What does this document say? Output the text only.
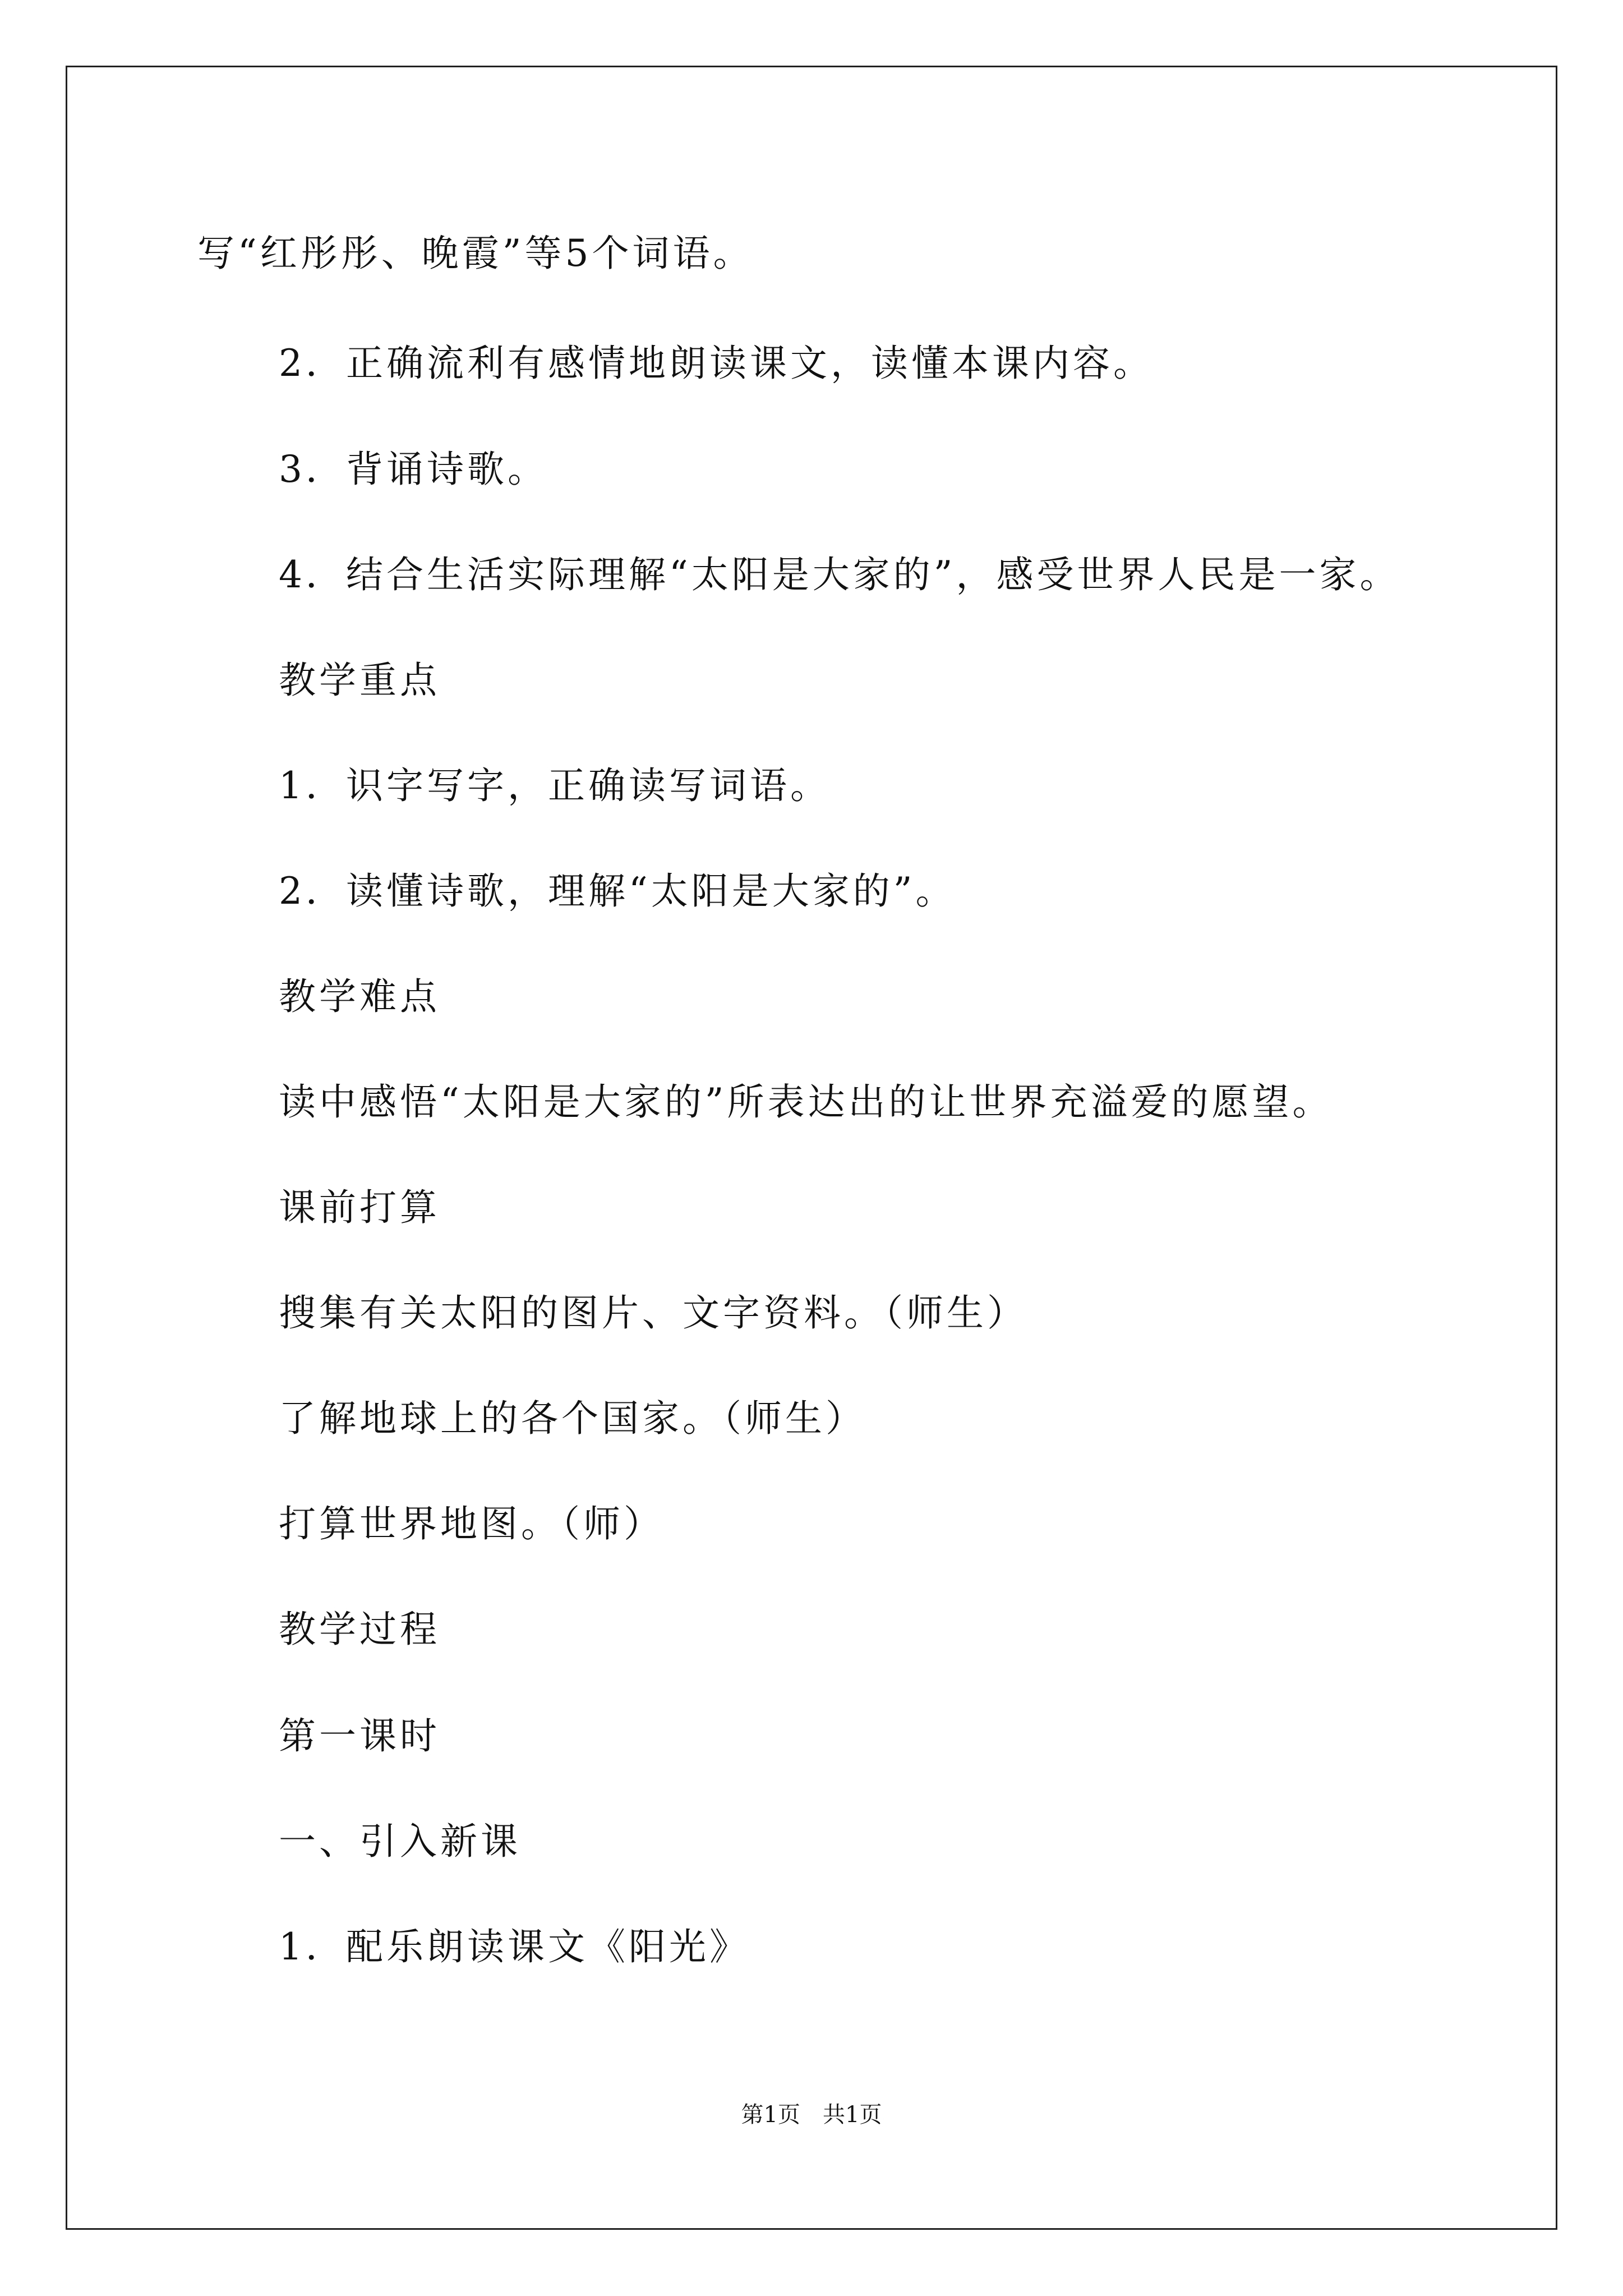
写“红彤彤、晚霞”等5个词语。
2．正确流利有感情地朗读课文，读懂本课内容。
3．背诵诗歌。
4．结合生活实际理解“太阳是大家的”，感受世界人民是一家。
教学重点
1．识字写字，正确读写词语。
2．读懂诗歌，理解“太阳是大家的”。
教学难点
读中感悟“太阳是大家的”所表达出的让世界充溢爱的愿望。
课前打算
搜集有关太阳的图片、文字资料。（师生）
了解地球上的各个国家。（师生）
打算世界地图。（师）
教学过程
第一课时
一、引入新课
1．配乐朗读课文《阳光》
第1页　共1页
